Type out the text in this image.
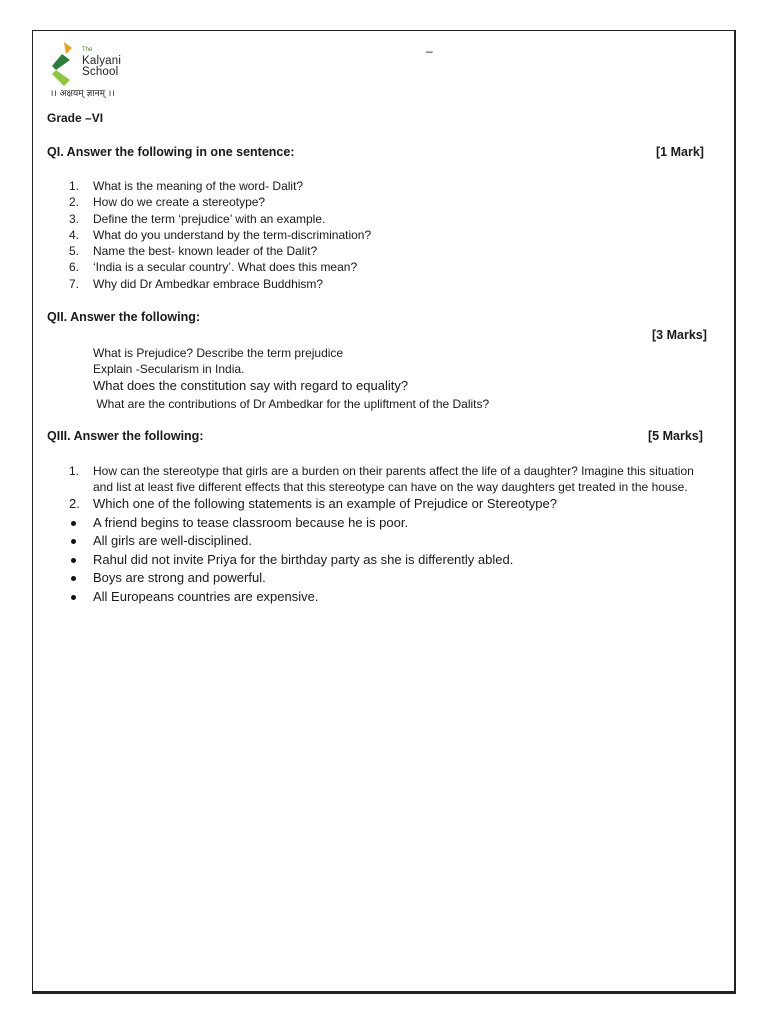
The
Kalyani
School
।। अक्षयम् ज्ञानम् ।।
–
Grade –VI
QI. Answer the following in one sentence:	[1 Mark]
1. What is the meaning of the word- Dalit?
2. How do we create a stereotype?
3. Define the term ‘prejudice’ with an example.
4. What do you understand by the term-discrimination?
5. Name the best- known leader of the Dalit?
6. ‘India is a secular country’. What does this mean?
7. Why did Dr Ambedkar embrace Buddhism?
QII. Answer the following:
[3 Marks]
What is Prejudice? Describe the term prejudice
Explain -Secularism in India.
What does the constitution say with regard to equality?
What are the contributions of Dr Ambedkar for the upliftment of the Dalits?
QIII. Answer the following:	[5 Marks]
1. How can the stereotype that girls are a burden on their parents affect the life of a daughter? Imagine this situation and list at least five different effects that this stereotype can have on the way daughters get treated in the house.
2. Which one of the following statements is an example of Prejudice or Stereotype?
A friend begins to tease classroom because he is poor.
All girls are well-disciplined.
Rahul did not invite Priya for the birthday party as she is differently abled.
Boys are strong and powerful.
All Europeans countries are expensive.
